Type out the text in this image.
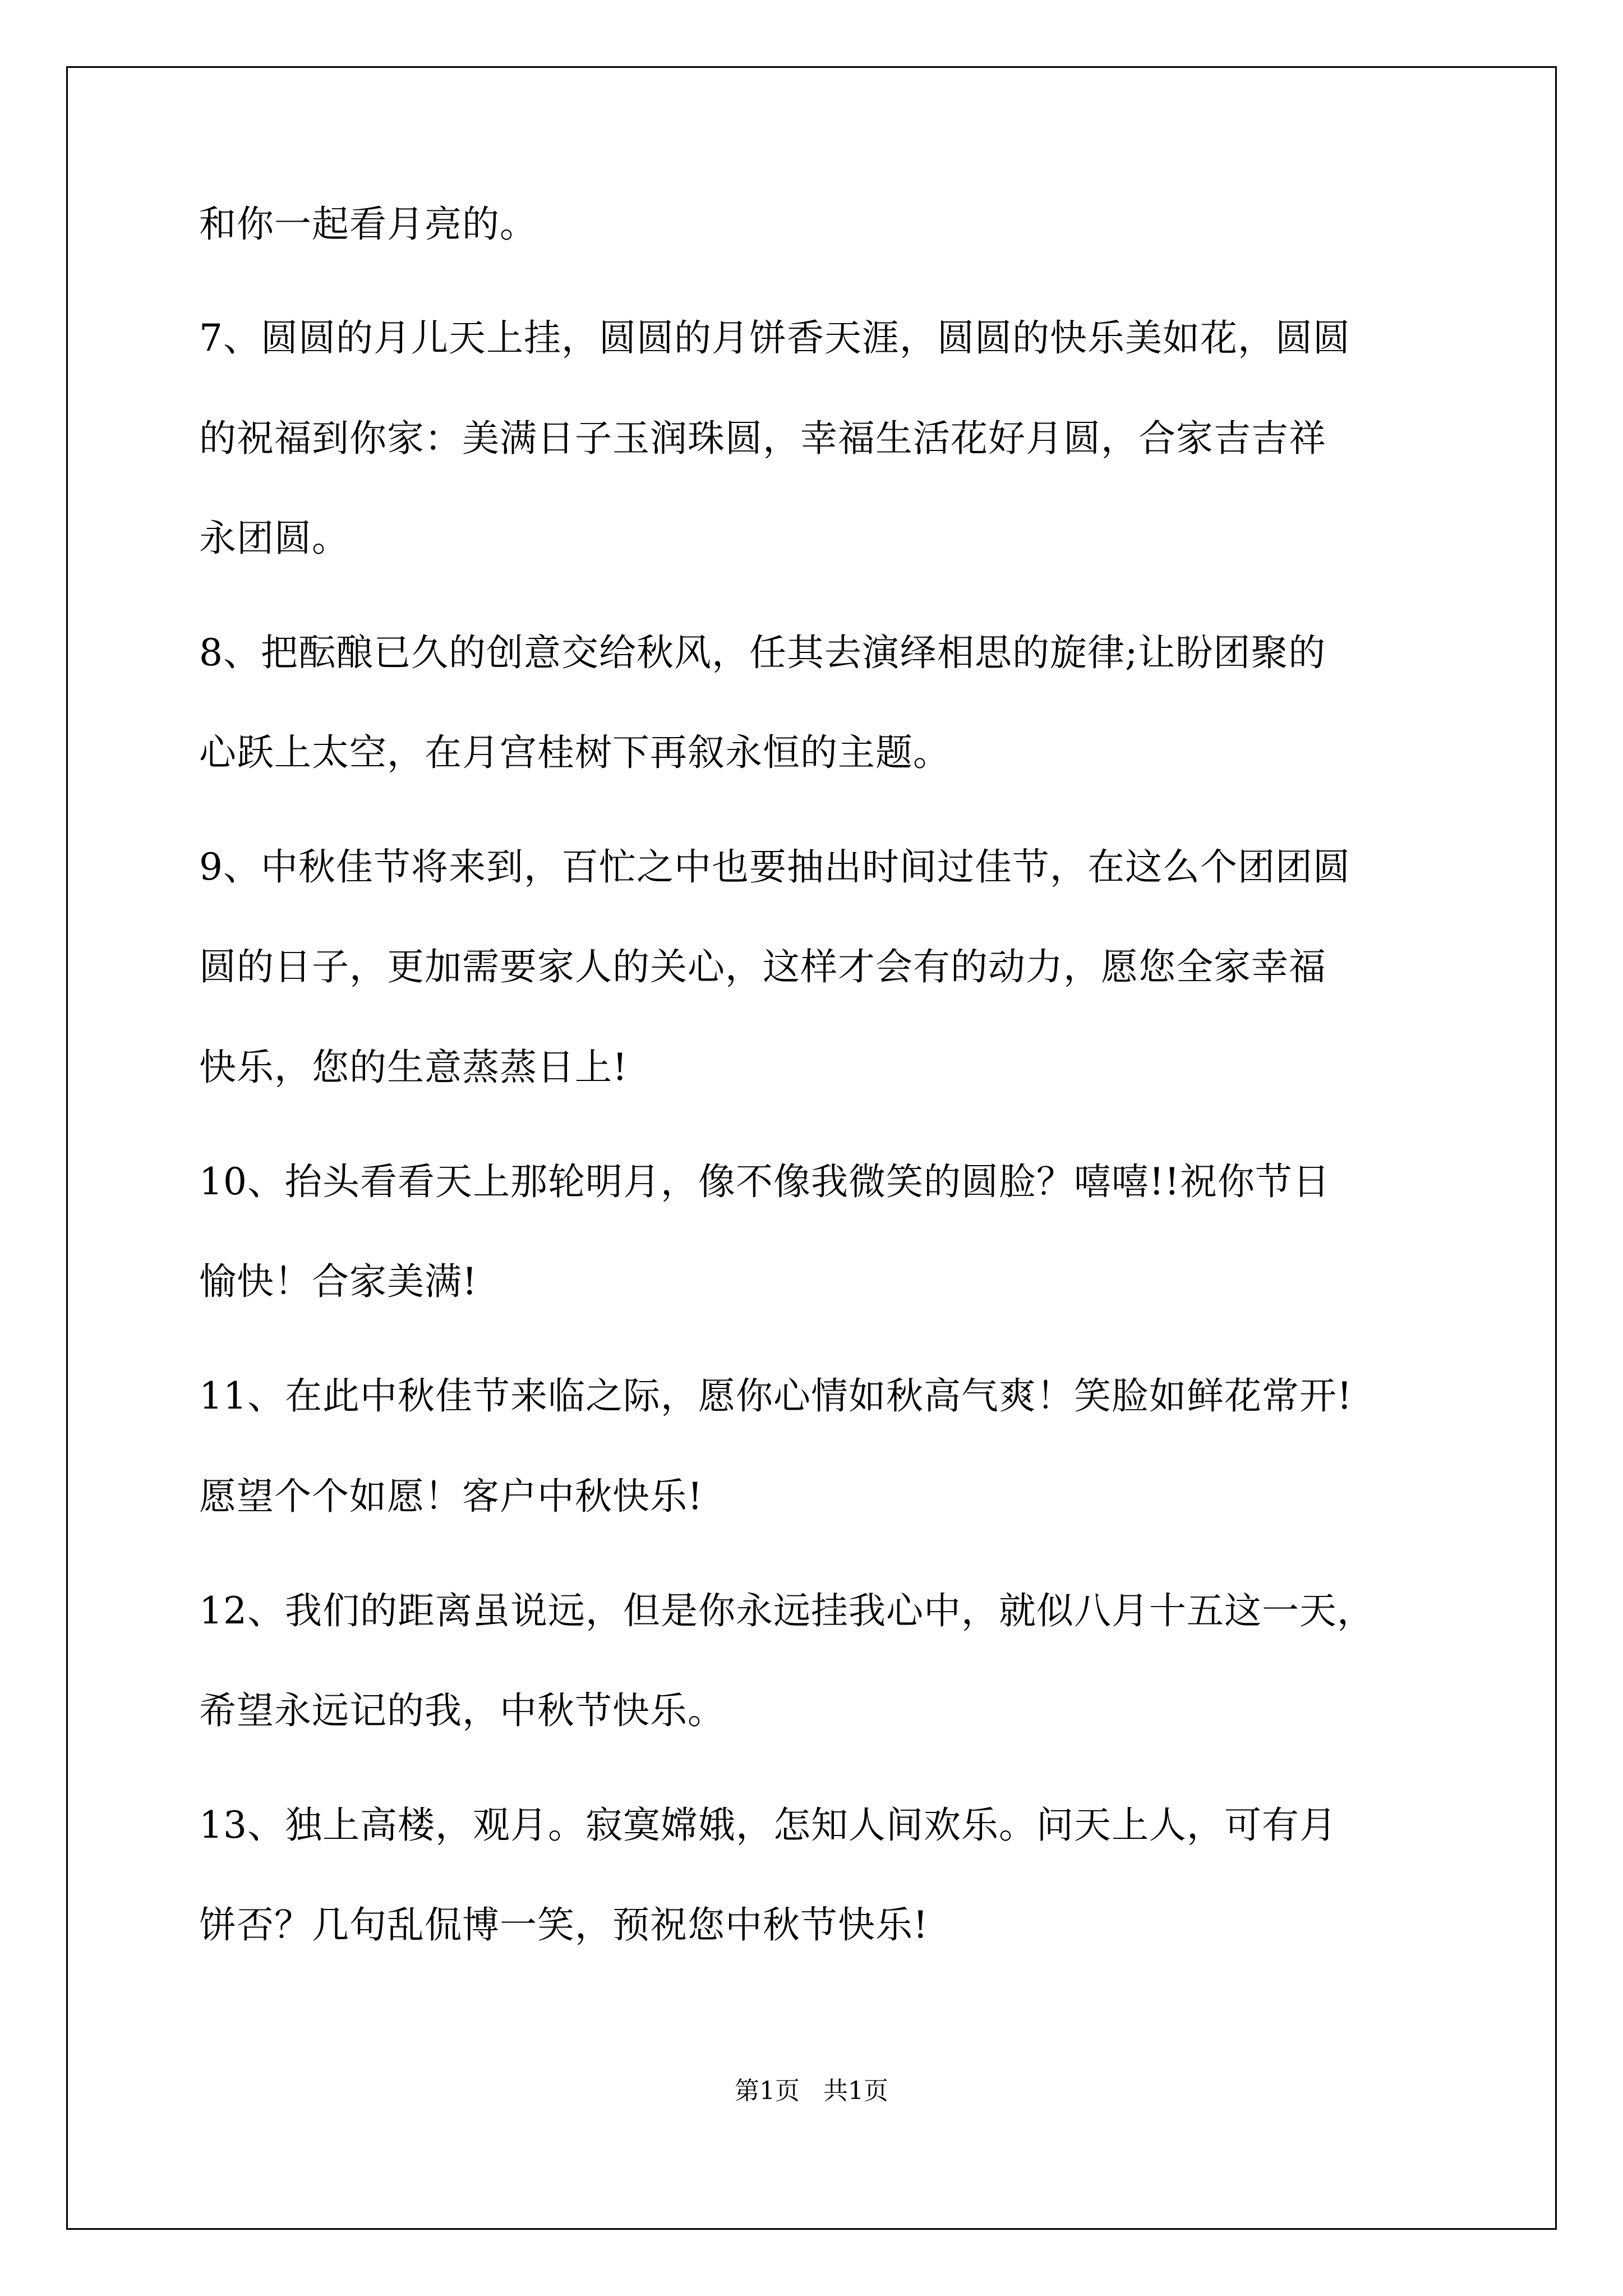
和你一起看月亮的。
7、圆圆的月儿天上挂，圆圆的月饼香天涯，圆圆的快乐美如花，圆圆
的祝福到你家：美满日子玉润珠圆，幸福生活花好月圆，合家吉吉祥
永团圆。
8、把酝酿已久的创意交给秋风，任其去演绎相思的旋律;让盼团聚的
心跃上太空，在月宫桂树下再叙永恒的主题。
9、中秋佳节将来到，百忙之中也要抽出时间过佳节，在这么个团团圆
圆的日子，更加需要家人的关心，这样才会有的动力，愿您全家幸福
快乐，您的生意蒸蒸日上!
10、抬头看看天上那轮明月，像不像我微笑的圆脸？嘻嘻!!祝你节日
愉快！合家美满!
11、在此中秋佳节来临之际，愿你心情如秋高气爽！笑脸如鲜花常开!
愿望个个如愿！客户中秋快乐!
12、我们的距离虽说远，但是你永远挂我心中，就似八月十五这一天，
希望永远记的我，中秋节快乐。
13、独上高楼，观月。寂寞嫦娥，怎知人间欢乐。问天上人，可有月
饼否？几句乱侃博一笑，预祝您中秋节快乐!
第1页   共1页
